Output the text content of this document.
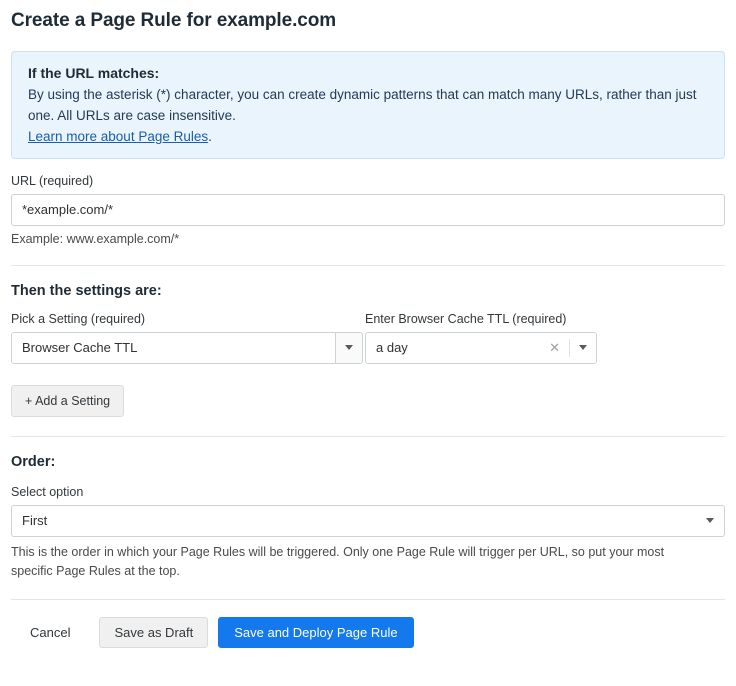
Create a Page Rule for example.com
If the URL matches:
By using the asterisk (*) character, you can create dynamic patterns that can match many URLs, rather than just one. All URLs are case insensitive.
Learn more about Page Rules.
URL (required)
*example.com/*
Example: www.example.com/*
Then the settings are:
Pick a Setting (required)
Browser Cache TTL
Enter Browser Cache TTL (required)
a day	✕
+ Add a Setting
Order:
Select option
First
This is the order in which your Page Rules will be triggered. Only one Page Rule will trigger per URL, so put your most specific Page Rules at the top.
Cancel	Save as Draft	Save and Deploy Page Rule
